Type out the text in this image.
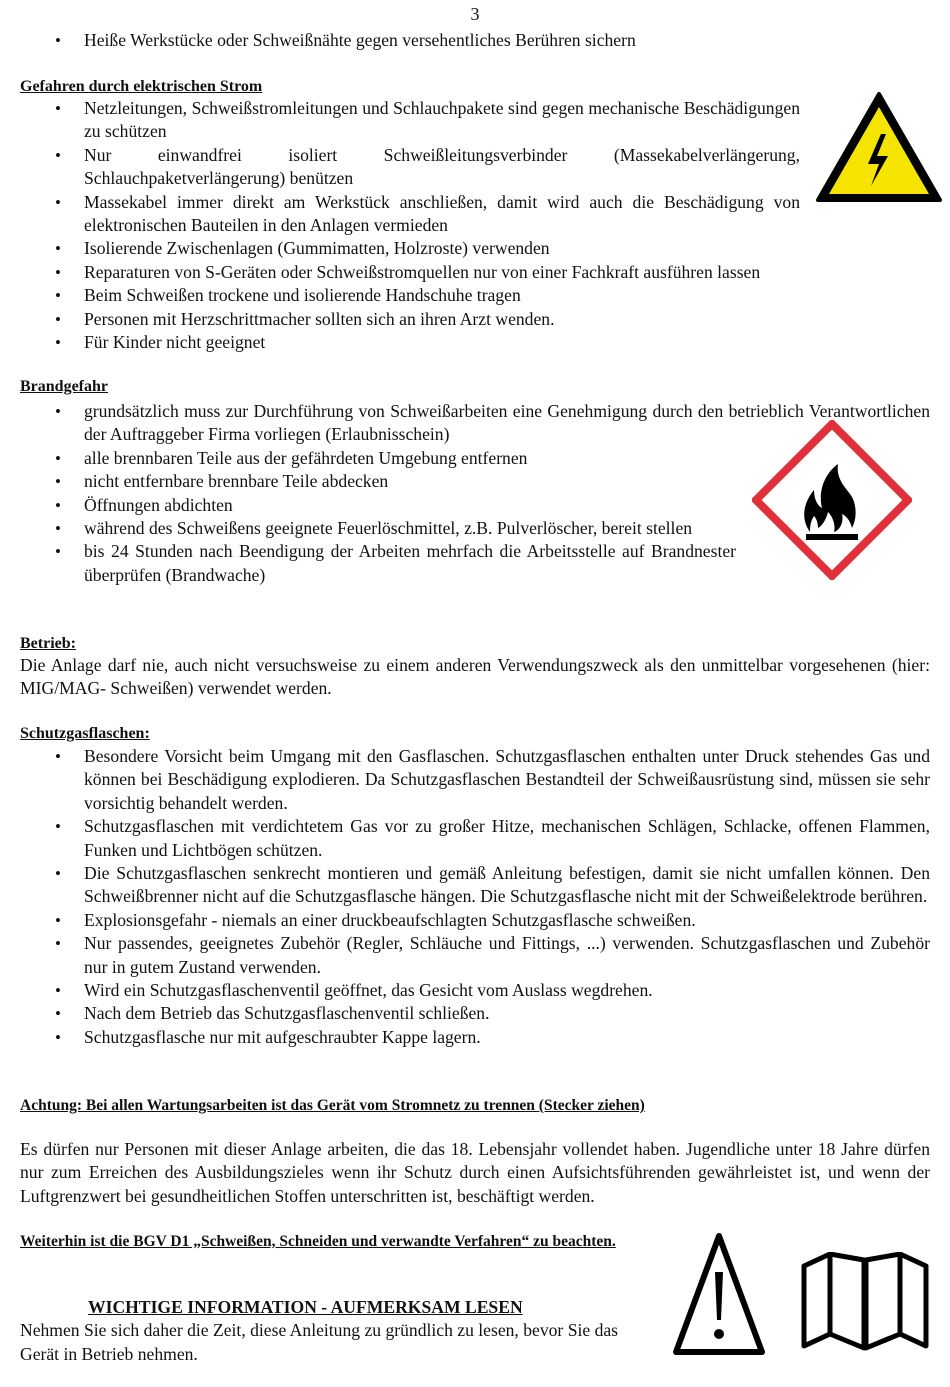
3
• Heiße Werkstücke oder Schweißnähte gegen versehentliches Berühren sichern
Gefahren durch elektrischen Strom
• Netzleitungen, Schweißstromleitungen und Schlauchpakete sind gegen mechanische Beschädigungen zu schützen
• Nur einwandfrei isoliert Schweißleitungsverbinder (Massekabelverlängerung, Schlauchpaketverlängerung) benützen
• Massekabel immer direkt am Werkstück anschließen, damit wird auch die Beschädigung von elektronischen Bauteilen in den Anlagen vermieden
• Isolierende Zwischenlagen (Gummimatten, Holzroste) verwenden
• Reparaturen von S-Geräten oder Schweißstromquellen nur von einer Fachkraft ausführen lassen
• Beim Schweißen trockene und isolierende Handschuhe tragen
• Personen mit Herzschrittmacher sollten sich an ihren Arzt wenden.
• Für Kinder nicht geeignet
Brandgefahr
• grundsätzlich muss zur Durchführung von Schweißarbeiten eine Genehmigung durch den betrieblich Verantwortlichen der Auftraggeber Firma vorliegen (Erlaubnisschein)
• alle brennbaren Teile aus der gefährdeten Umgebung entfernen
• nicht entfernbare brennbare Teile abdecken
• Öffnungen abdichten
• während des Schweißens geeignete Feuerlöschmittel, z.B. Pulverlöscher, bereit stellen
• bis 24 Stunden nach Beendigung der Arbeiten mehrfach die Arbeitsstelle auf Brandnester überprüfen (Brandwache)
Betrieb:
Die Anlage darf nie, auch nicht versuchsweise zu einem anderen Verwendungszweck als den unmittelbar vorgesehenen (hier: MIG/MAG- Schweißen) verwendet werden.
Schutzgasflaschen:
• Besondere Vorsicht beim Umgang mit den Gasflaschen. Schutzgasflaschen enthalten unter Druck stehendes Gas und können bei Beschädigung explodieren. Da Schutzgasflaschen Bestandteil der Schweißausrüstung sind, müssen sie sehr vorsichtig behandelt werden.
• Schutzgasflaschen mit verdichtetem Gas vor zu großer Hitze, mechanischen Schlägen, Schlacke, offenen Flammen, Funken und Lichtbögen schützen.
• Die Schutzgasflaschen senkrecht montieren und gemäß Anleitung befestigen, damit sie nicht umfallen können. Den Schweißbrenner nicht auf die Schutzgasflasche hängen. Die Schutzgasflasche nicht mit der Schweißelektrode berühren.
• Explosionsgefahr - niemals an einer druckbeaufschlagten Schutzgasflasche schweißen.
• Nur passendes, geeignetes Zubehör (Regler, Schläuche und Fittings, ...) verwenden. Schutzgasflaschen und Zubehör nur in gutem Zustand verwenden.
• Wird ein Schutzgasflaschenventil geöffnet, das Gesicht vom Auslass wegdrehen.
• Nach dem Betrieb das Schutzgasflaschenventil schließen.
• Schutzgasflasche nur mit aufgeschraubter Kappe lagern.
Achtung: Bei allen Wartungsarbeiten ist das Gerät vom Stromnetz zu trennen (Stecker ziehen)
Es dürfen nur Personen mit dieser Anlage arbeiten, die das 18. Lebensjahr vollendet haben. Jugendliche unter 18 Jahre dürfen nur zum Erreichen des Ausbildungszieles wenn ihr Schutz durch einen Aufsichtsführenden gewährleistet ist, und wenn der Luftgrenzwert bei gesundheitlichen Stoffen unterschritten ist, beschäftigt werden.
Weiterhin ist die BGV D1 „Schweißen, Schneiden und verwandte Verfahren“ zu beachten.
WICHTIGE INFORMATION - AUFMERKSAM LESEN
Nehmen Sie sich daher die Zeit, diese Anleitung zu gründlich zu lesen, bevor Sie das Gerät in Betrieb nehmen.
